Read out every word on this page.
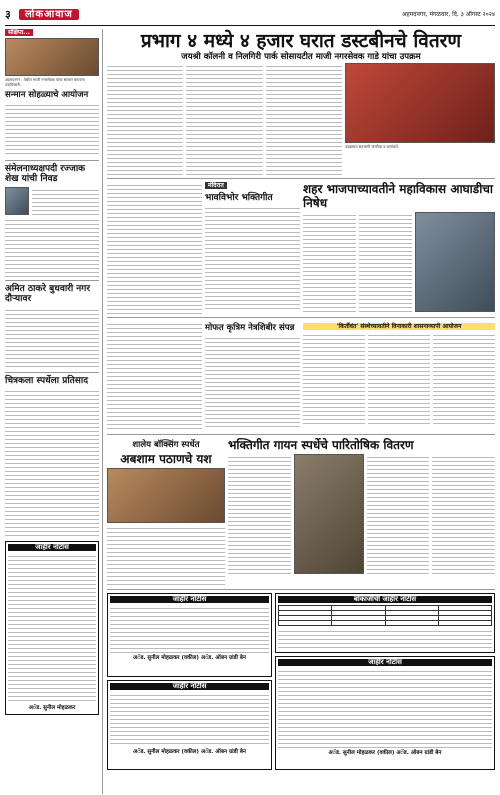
३	लोकआवाज	अहमदनगर, मंगळवार, दि. ३ ऑगस्ट २०२४
संक्षिप्त...
अहमदनगर : येथील माजी नगरसेवक यांचा सत्कार करताना पदाधिकारी.
सन्मान सोहळ्याचे आयोजन
संमेलनाध्यक्षपदी रज्जाक शेख यांची निवड
अमित ठाकरे बुधवारी नगर दौऱ्यावर
चित्रकला स्पर्धेला प्रतिसाद
जाहीर नोटीस
अॅड. सुनील मोहळकर
प्रभाग ४ मध्ये ४ हजार घरात डस्टबीनचे वितरण
जयश्री कॉलनी व निलगिरी पार्क सोसायटीत माजी नगरसेवक गाडे यांचा उपक्रम
उपक्रमात सहभागी नागरिक व कार्यकर्ते.
मंदिरात
भावविभोर भक्तिगीत
शहर भाजपाच्यावतीने महाविकास आघाडीचा निषेध
मोफत कृत्रिम नेत्रशिबीर संपन्न	'किर्तीवंत' संस्थेच्यावतीने विनाकारी शासनाव्यापी आयोजन
शालेय बॉक्सिंग स्पर्धेत
अबशाम पठाणचे यश
भक्तिगीत गायन स्पर्धेचे पारितोषिक वितरण
जाहीर नोटीस
अॅड. सुनील मोहळकर (वकील) अॅड. ऑबन ग्रांडी बेन
जाहीर नोटीस
अॅड. सुनील मोहळकर (वकील) अॅड. ऑबन ग्रांडी बेन
बोकाजीची जाहीर नोटीस

जाहीर नोटीस
अॅड. सुनील मोहळकर (वकील) अॅड. ऑबन ग्रांडी बेन
